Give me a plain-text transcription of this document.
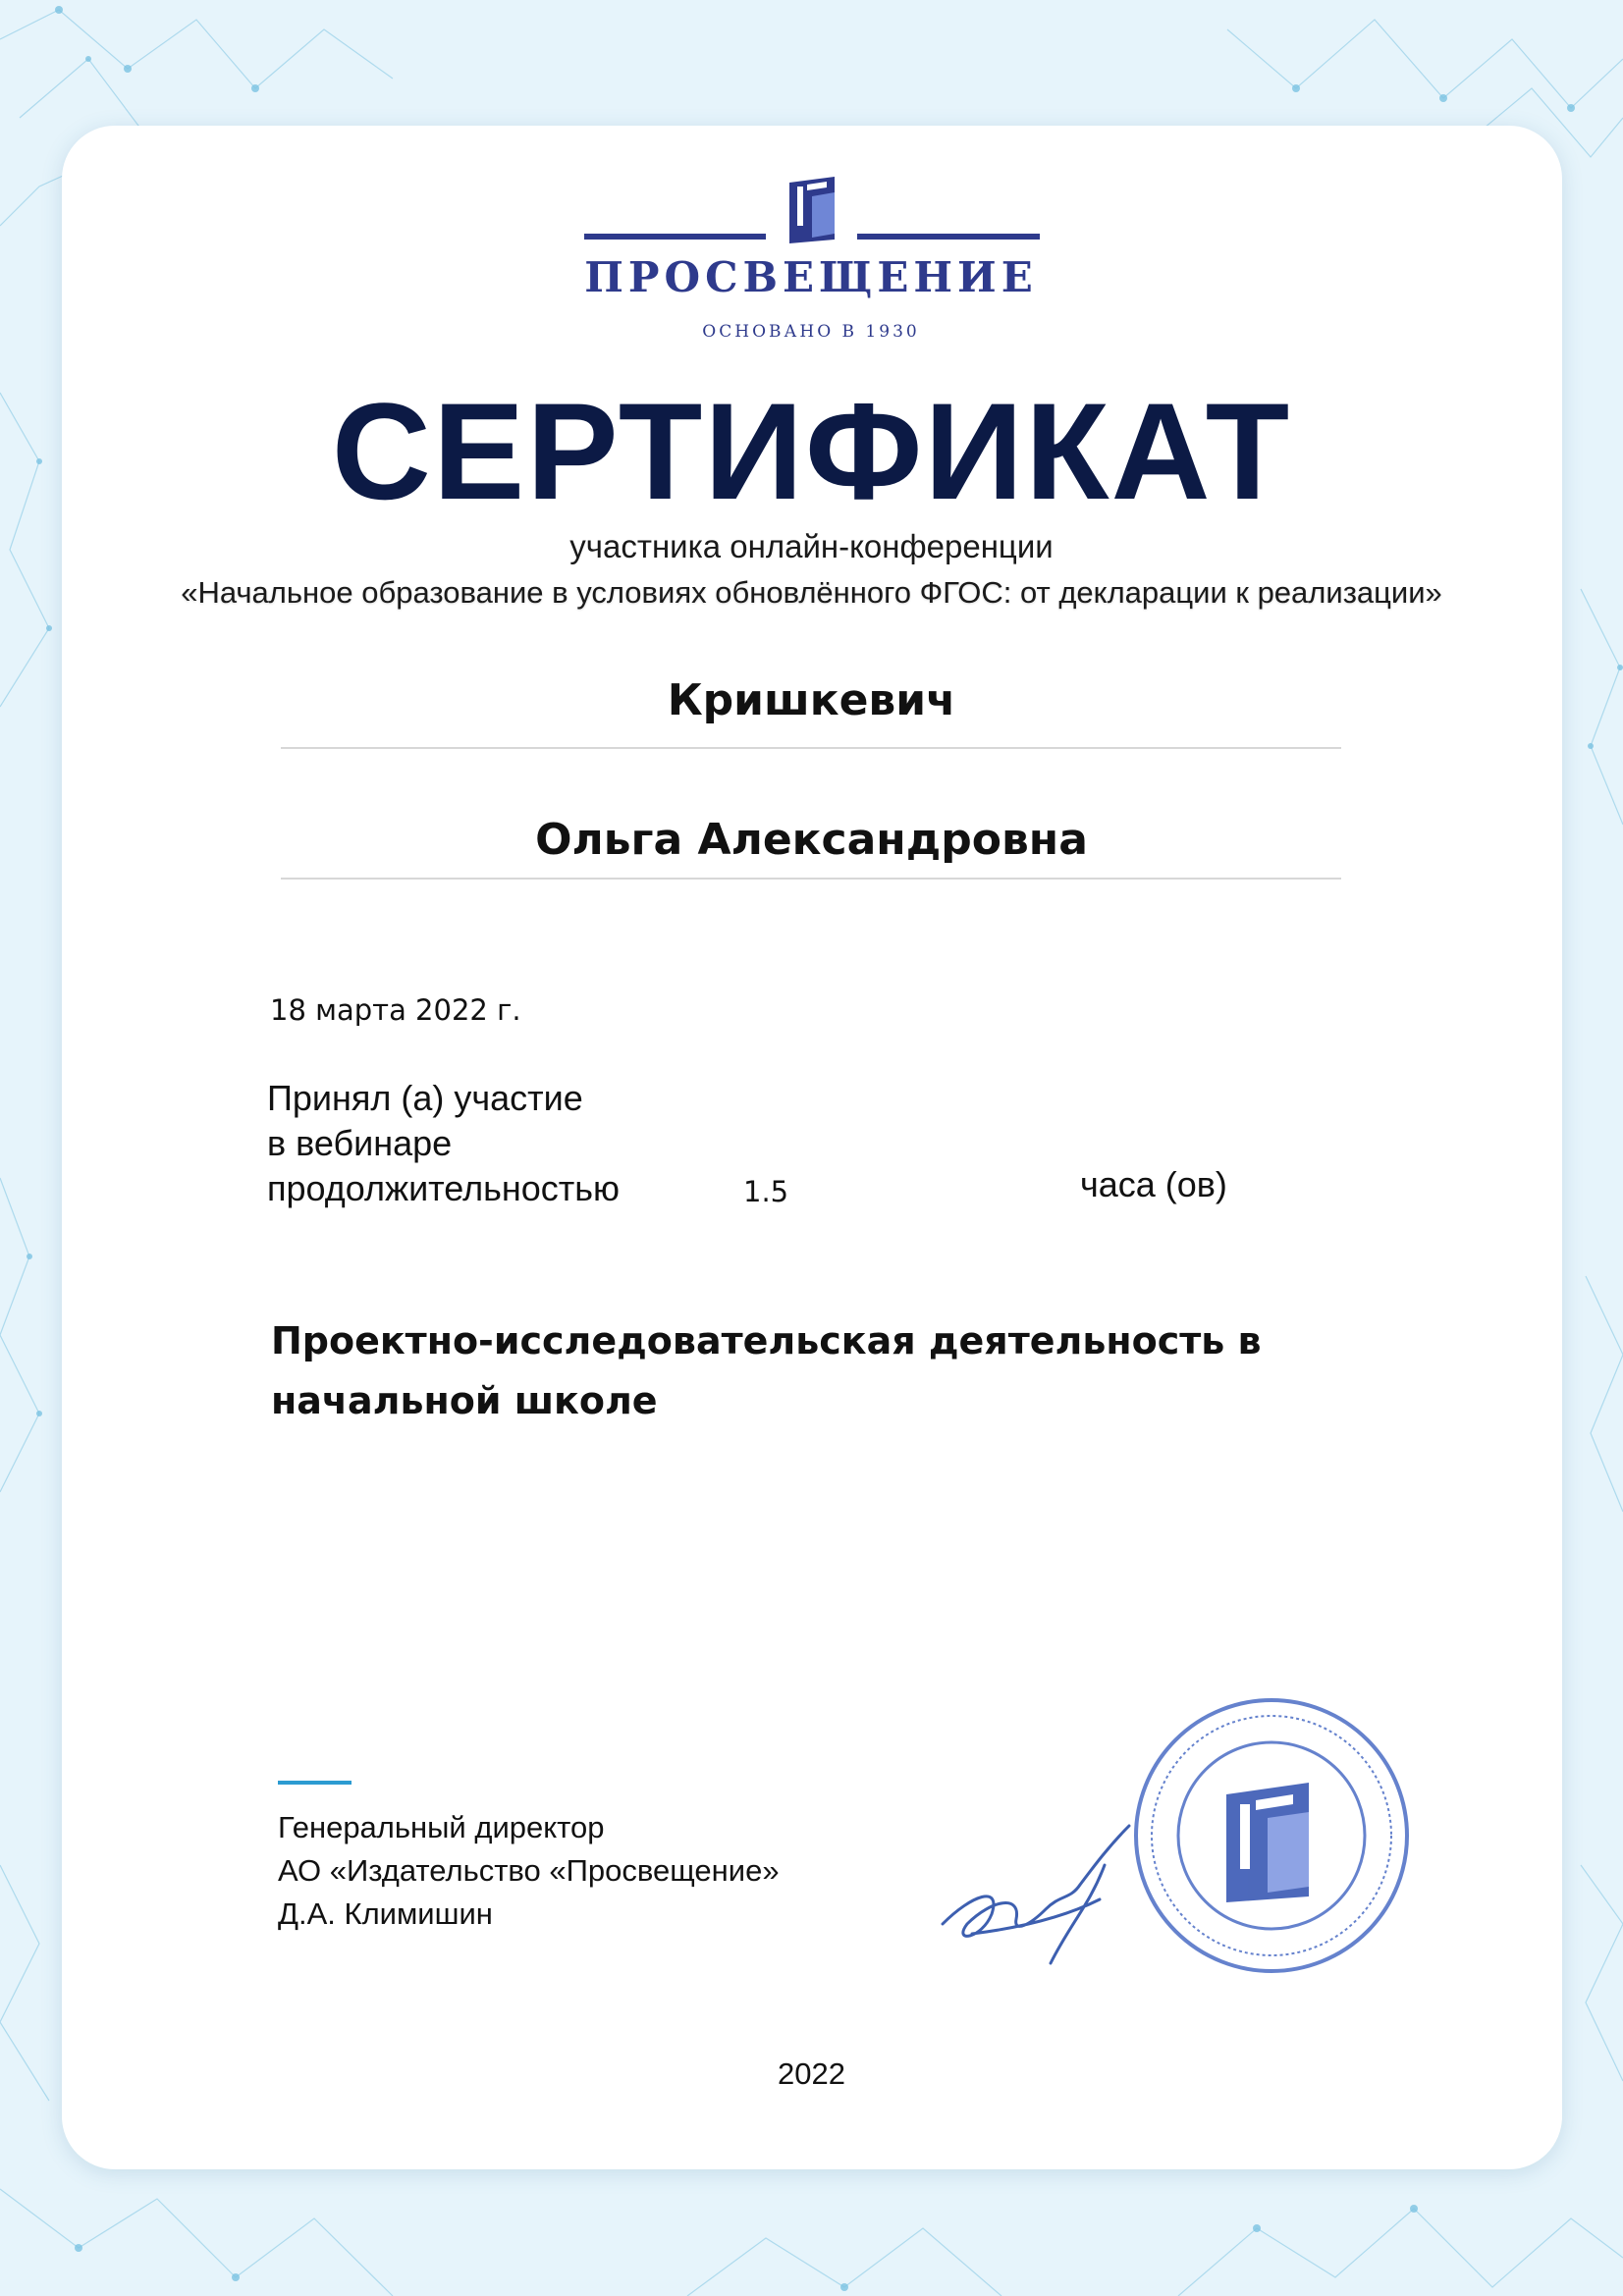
ПРОСВЕЩЕНИЕ
ОСНОВАНО В 1930
СЕРТИФИКАТ
участника онлайн-конференции
«Начальное образование в условиях обновлённого ФГОС: от декларации к реализации»
Кришкевич
Ольга Александровна
18 марта 2022 г.
Принял (а) участие
в вебинаре
продолжительностью	1.5	часа (ов)
Проектно-исследовательская деятельность в начальной школе
Генеральный директор
АО «Издательство «Просвещение»
Д.А. Климишин
2022
